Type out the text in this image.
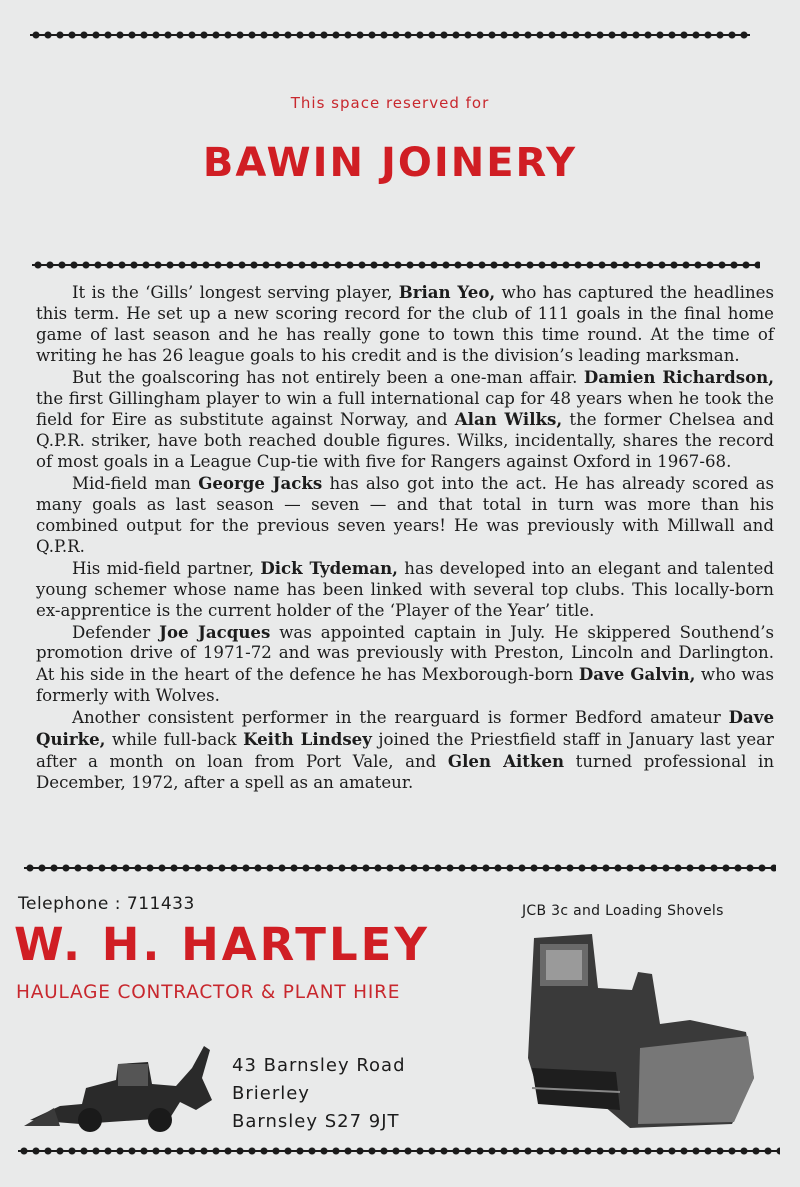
This space reserved for
BAWIN JOINERY

It is the ‘Gills’ longest serving player, Brian Yeo, who has captured the headlines this term. He set up a new scoring record for the club of 111 goals in the final home game of last season and he has really gone to town this time round. At the time of writing he has 26 league goals to his credit and is the division’s leading marksman.

But the goalscoring has not entirely been a one-man affair. Damien Richardson, the first Gillingham player to win a full international cap for 48 years when he took the field for Eire as substitute against Norway, and Alan Wilks, the former Chelsea and Q.P.R. striker, have both reached double figures. Wilks, incidentally, shares the record of most goals in a League Cup-tie with five for Rangers against Oxford in 1967-68.

Mid-field man George Jacks has also got into the act. He has already scored as many goals as last season — seven — and that total in turn was more than his combined output for the previous seven years! He was previously with Millwall and Q.P.R.

His mid-field partner, Dick Tydeman, has developed into an elegant and talented young schemer whose name has been linked with several top clubs. This locally-born ex-apprentice is the current holder of the ‘Player of the Year’ title.

Defender Joe Jacques was appointed captain in July. He skippered Southend’s promotion drive of 1971-72 and was previously with Preston, Lincoln and Darlington. At his side in the heart of the defence he has Mexborough-born Dave Galvin, who was formerly with Wolves.

Another consistent performer in the rearguard is former Bedford amateur Dave Quirke, while full-back Keith Lindsey joined the Priestfield staff in January last year after a month on loan from Port Vale, and Glen Aitken turned professional in December, 1972, after a spell as an amateur.

Telephone : 711433
W. H. HARTLEY
HAULAGE CONTRACTOR & PLANT HIRE
JCB 3c and Loading Shovels
43 Barnsley Road
Brierley
Barnsley S27 9JT
